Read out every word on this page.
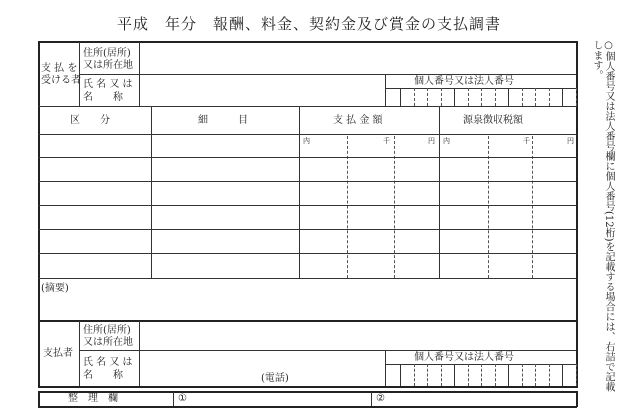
平成　年分　報酬、料金、契約金及び賞金の支払調書
支 払 を
受ける者
住所(居所)
又は所在地
氏 名 又 は
名　　称
個人番号又は法人番号
区　　分	細　　　目	支 払 金 額	源泉徴収税額
内	千	円 内	千	円
(摘要)
支払者
住所(居所)
又は所在地
氏 名 又 は
名　　称	(電話)
個人番号又は法人番号
整　理　欄	①	②
○個人番号又は法人番号欄に個人番号(12桁)を記載する場合には、右詰で記載します。
